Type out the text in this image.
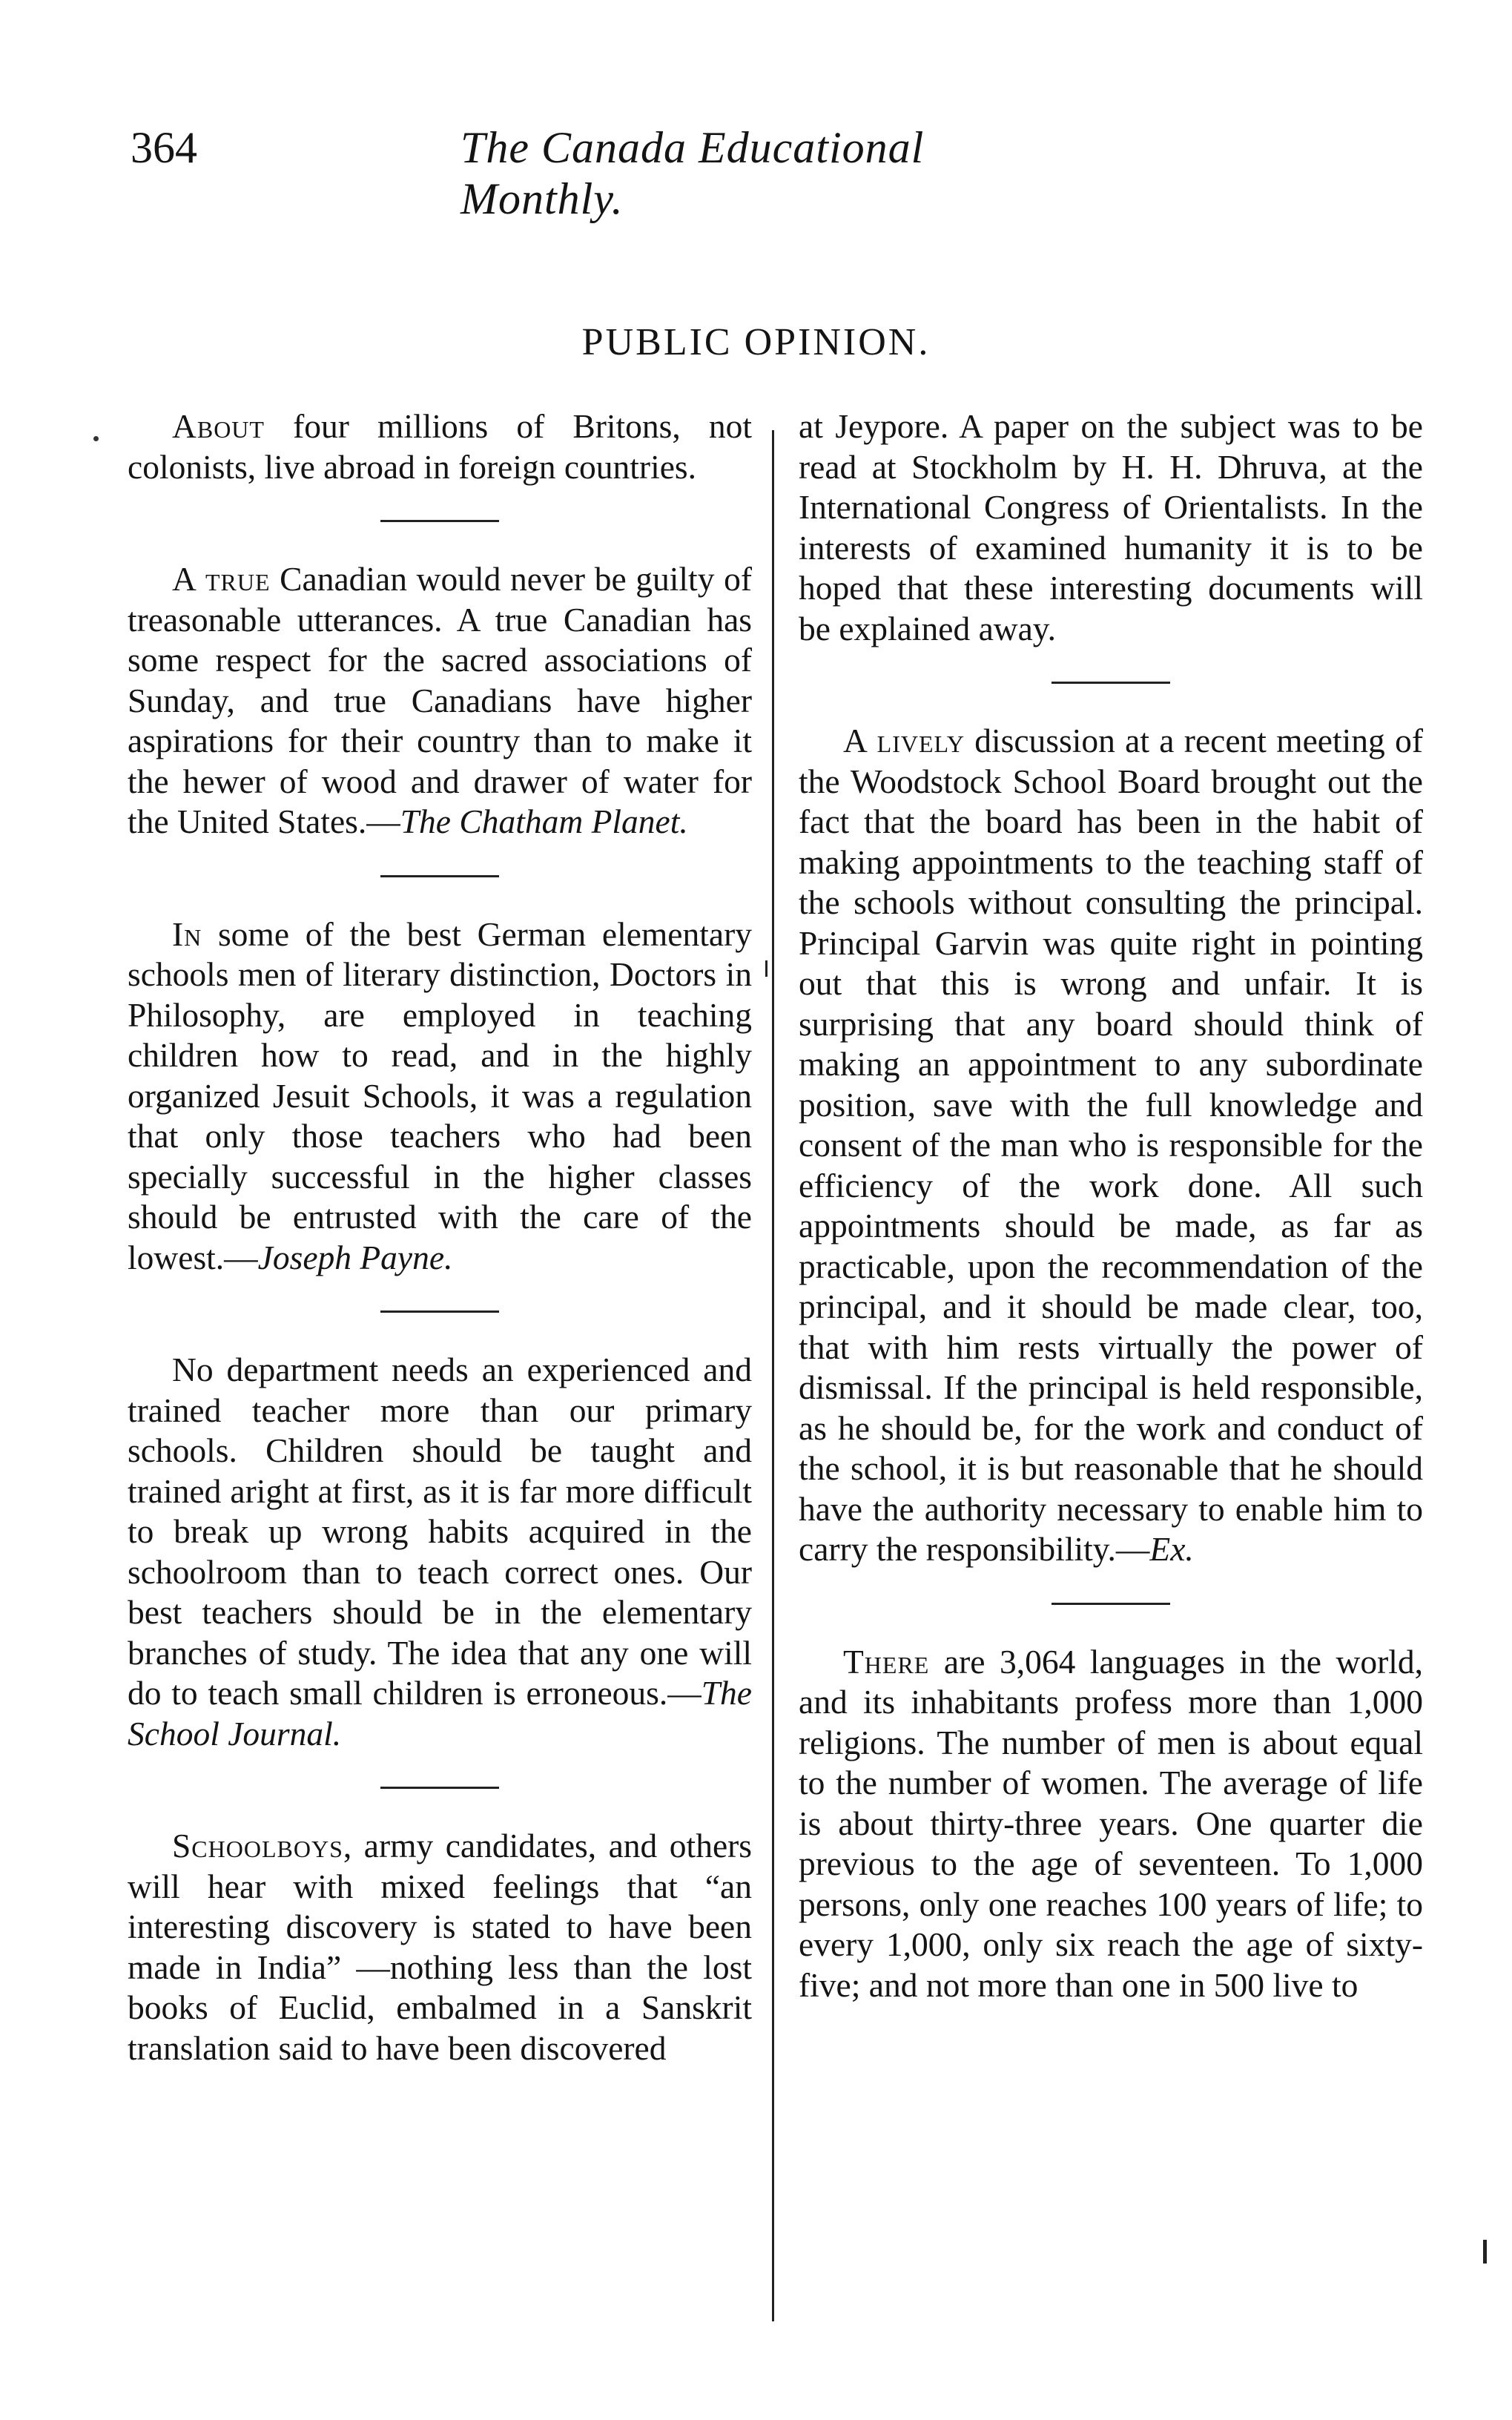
364	The Canada Educational Monthly.
PUBLIC OPINION.

About four millions of Britons, not colonists, live abroad in foreign countries.

A true Canadian would never be guilty of treasonable utterances. A true Canadian has some respect for the sacred associations of Sunday, and true Canadians have higher aspirations for their country than to make it the hewer of wood and drawer of water for the United States.—The Chatham Planet.

In some of the best German elementary schools men of literary distinction, Doctors in Philosophy, are employed in teaching children how to read, and in the highly organized Jesuit Schools, it was a regulation that only those teachers who had been specially successful in the higher classes should be entrusted with the care of the lowest.—Joseph Payne.

No department needs an experienced and trained teacher more than our primary schools. Children should be taught and trained aright at first, as it is far more difficult to break up wrong habits acquired in the schoolroom than to teach correct ones. Our best teachers should be in the elementary branches of study. The idea that any one will do to teach small children is erroneous.—The School Journal.

Schoolboys, army candidates, and others will hear with mixed feelings that “an interesting discovery is stated to have been made in India” —nothing less than the lost books of Euclid, embalmed in a Sanskrit translation said to have been discovered

at Jeypore. A paper on the subject was to be read at Stockholm by H. H. Dhruva, at the International Congress of Orientalists. In the interests of examined humanity it is to be hoped that these interesting documents will be explained away.

A lively discussion at a recent meeting of the Woodstock School Board brought out the fact that the board has been in the habit of making appointments to the teaching staff of the schools without consulting the principal. Principal Garvin was quite right in pointing out that this is wrong and unfair. It is surprising that any board should think of making an appointment to any subordinate position, save with the full knowledge and consent of the man who is responsible for the efficiency of the work done. All such appointments should be made, as far as practicable, upon the recommendation of the principal, and it should be made clear, too, that with him rests virtually the power of dismissal. If the principal is held responsible, as he should be, for the work and conduct of the school, it is but reasonable that he should have the authority necessary to enable him to carry the responsibility.—Ex.

There are 3,064 languages in the world, and its inhabitants profess more than 1,000 religions. The number of men is about equal to the number of women. The average of life is about thirty-three years. One quarter die previous to the age of seventeen. To 1,000 persons, only one reaches 100 years of life; to every 1,000, only six reach the age of sixty-five; and not more than one in 500 live to
